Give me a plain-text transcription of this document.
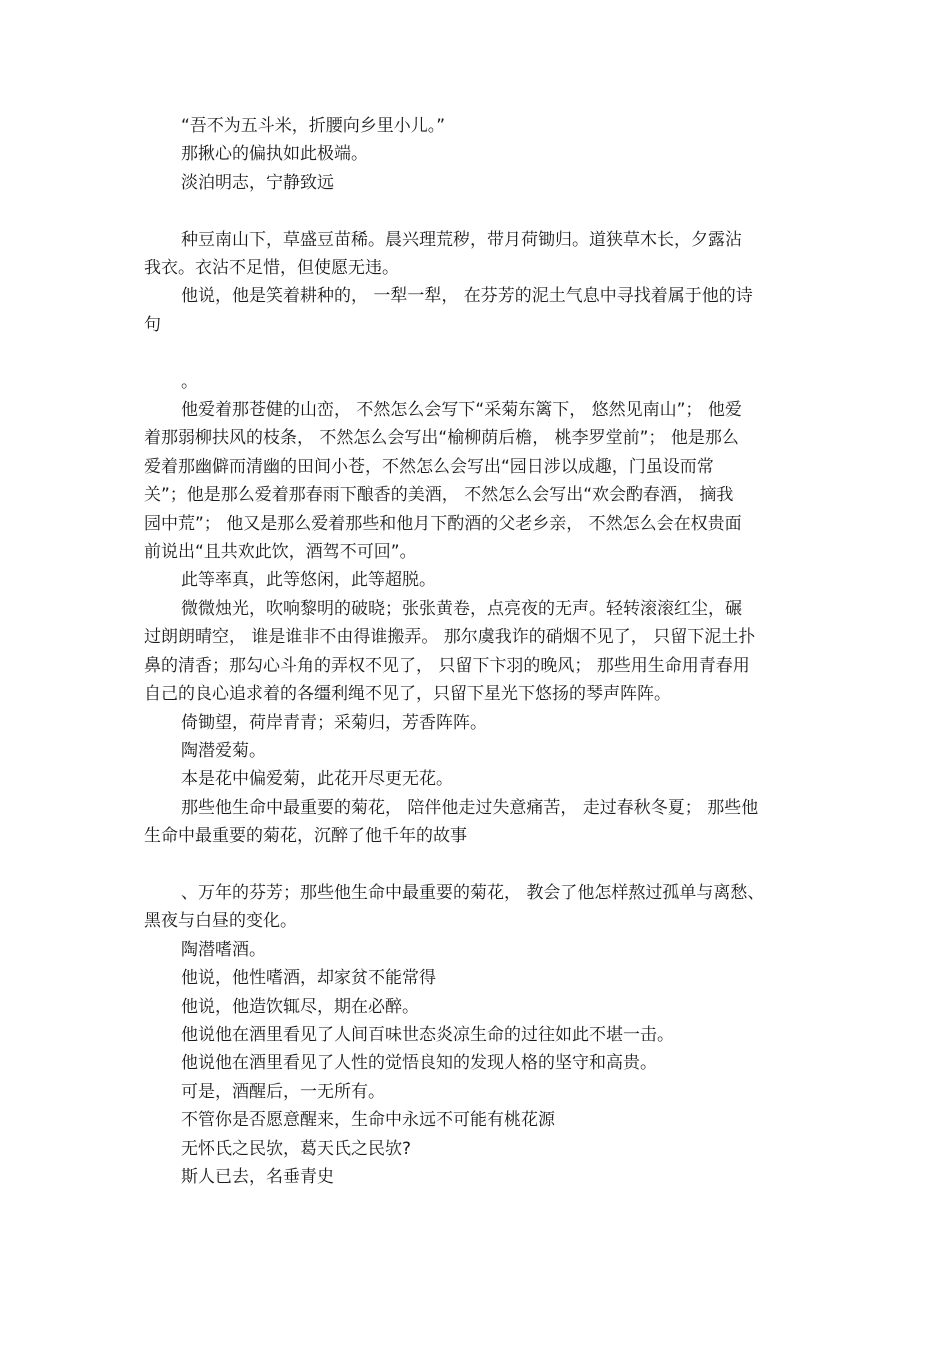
“吾不为五斗米，折腰向乡里小儿。”
那揪心的偏执如此极端。
淡泊明志，宁静致远
种豆南山下，草盛豆苗稀。晨兴理荒秽，带月荷锄归。道狭草木长，夕露沾
我衣。衣沾不足惜，但使愿无违。
他说，他是笑着耕种的， 一犁一犁， 在芬芳的泥土气息中寻找着属于他的诗
句
。
他爱着那苍健的山峦， 不然怎么会写下“采菊东篱下， 悠然见南山”； 他爱
着那弱柳扶风的枝条， 不然怎么会写出“榆柳荫后檐， 桃李罗堂前”； 他是那么
爱着那幽僻而清幽的田间小苍，不然怎么会写出“园日涉以成趣，门虽设而常
关”；他是那么爱着那春雨下酿香的美酒， 不然怎么会写出“欢会酌春酒， 摘我
园中荒”； 他又是那么爱着那些和他月下酌酒的父老乡亲， 不然怎么会在权贵面
前说出“且共欢此饮，酒驾不可回”。
此等率真，此等悠闲，此等超脱。
微微烛光，吹响黎明的破晓；张张黄卷，点亮夜的无声。轻转滚滚红尘，碾
过朗朗晴空， 谁是谁非不由得谁搬弄。 那尔虞我诈的硝烟不见了， 只留下泥土扑
鼻的清香；那勾心斗角的弄权不见了， 只留下卞羽的晚风； 那些用生命用青春用
自己的良心追求着的各缰利绳不见了，只留下星光下悠扬的琴声阵阵。
倚锄望，荷岸青青；采菊归，芳香阵阵。
陶潜爱菊。
本是花中偏爱菊，此花开尽更无花。
那些他生命中最重要的菊花， 陪伴他走过失意痛苦， 走过春秋冬夏； 那些他
生命中最重要的菊花，沉醉了他千年的故事
、万年的芬芳；那些他生命中最重要的菊花， 教会了他怎样熬过孤单与离愁、
黑夜与白昼的变化。
陶潜嗜酒。
他说，他性嗜酒，却家贫不能常得
他说，他造饮辄尽，期在必醉。
他说他在酒里看见了人间百味世态炎凉生命的过往如此不堪一击。
他说他在酒里看见了人性的觉悟良知的发现人格的坚守和高贵。
可是，酒醒后，一无所有。
不管你是否愿意醒来，生命中永远不可能有桃花源
无怀氏之民欤，葛天氏之民欤?
斯人已去，名垂青史
